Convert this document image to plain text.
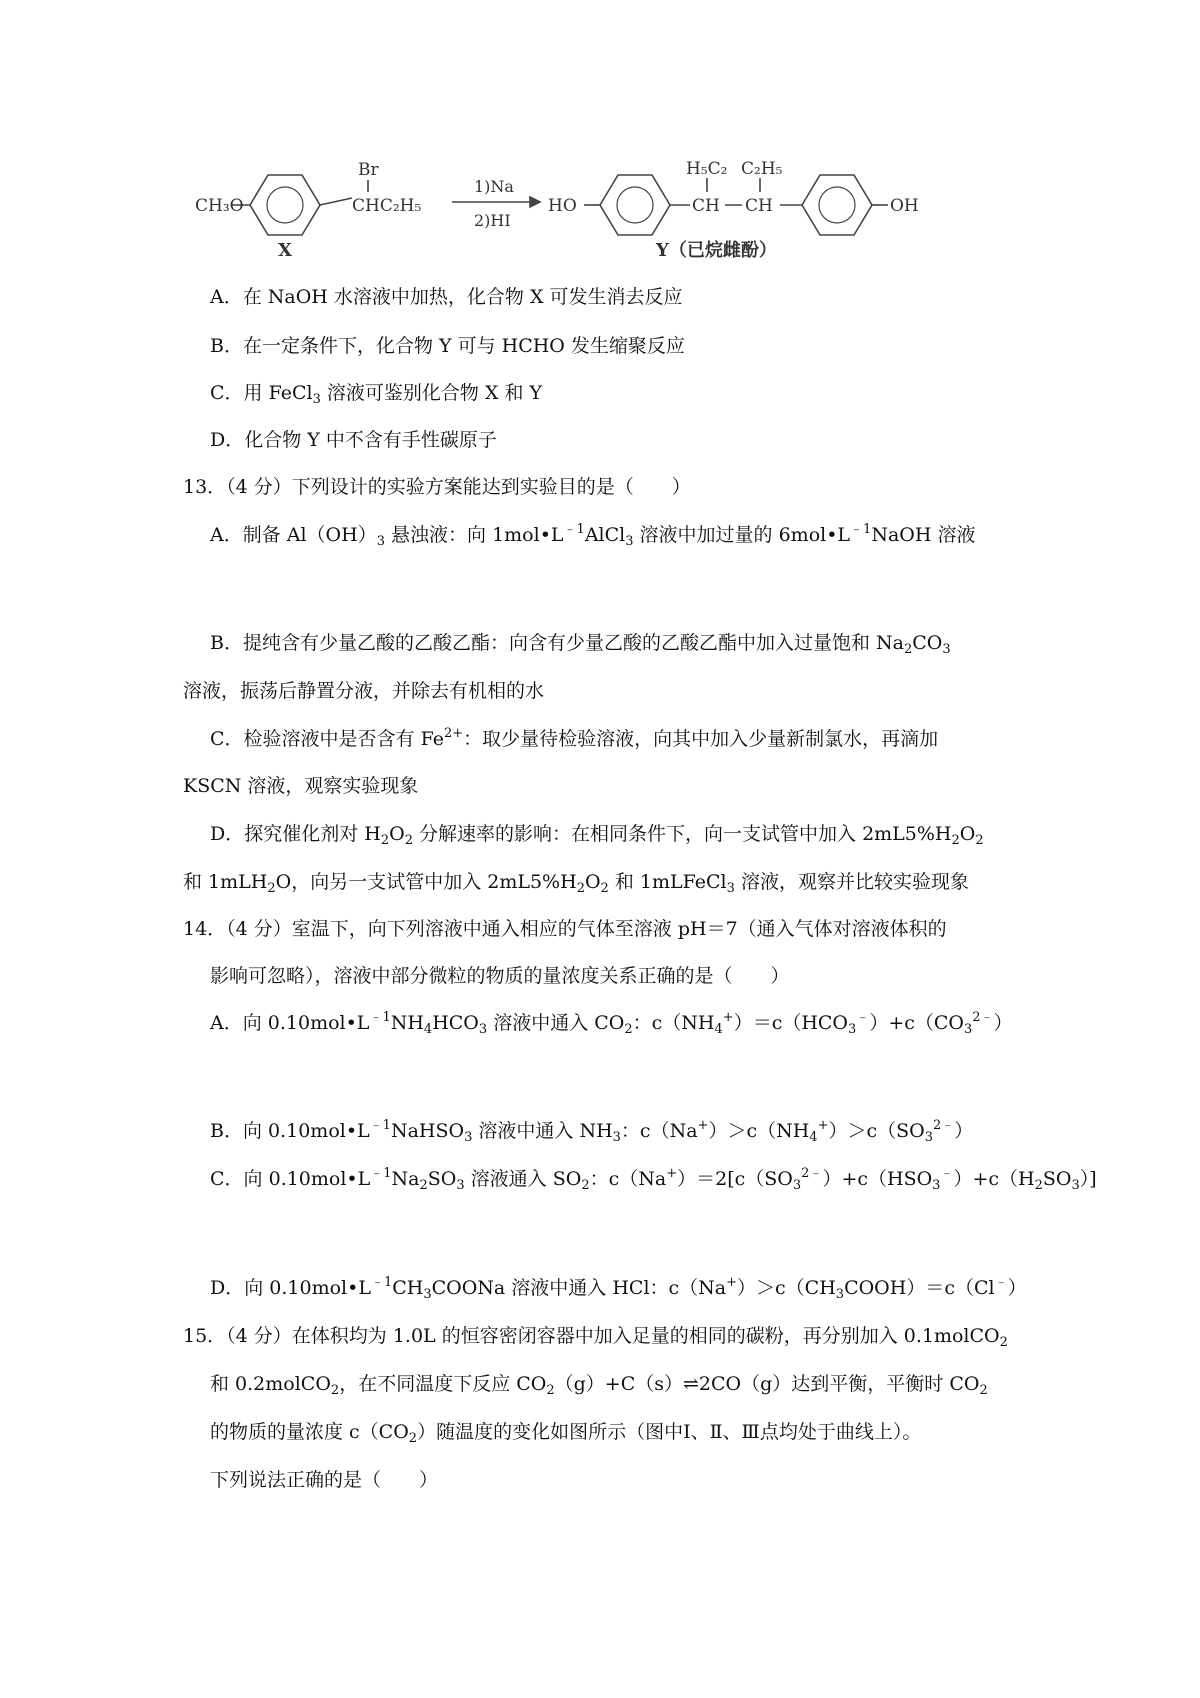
CH₃O
Br
CHC₂H₅
1)Na
2)HI
HO
H₅C₂ C₂H₅
CH CH	OH
X	Y（已烷雌酚）
A．在 NaOH 水溶液中加热，化合物 X 可发生消去反应
B．在一定条件下，化合物 Y 可与 HCHO 发生缩聚反应
C．用 FeCl$_3$ 溶液可鉴别化合物 X 和 Y
D．化合物 Y 中不含有手性碳原子
13．（4 分）下列设计的实验方案能达到实验目的是（　　）
A．制备 $Al(OH)_3$ 悬浊液：向 $1mol•L^{﹣1}AlCl_3$ 溶液中加过量的 $6mol•L^{﹣1}NaOH$ 溶液
B．提纯含有少量乙酸的乙酸乙酯：向含有少量乙酸的乙酸乙酯中加入过量饱和 $Na_2CO_3$
溶液，振荡后静置分液，并除去有机相的水
C．检验溶液中是否含有 $Fe^{2+}$：取少量待检验溶液，向其中加入少量新制氯水，再滴加
KSCN 溶液，观察实验现象
D．探究催化剂对 $H_2O_2$ 分解速率的影响：在相同条件下，向一支试管中加入 $2mL5\%H_2O_2$
和 1mLH$_2$O，向另一支试管中加入 $2mL5\%H_2O_2$ 和 1mLFeCl$_3$ 溶液，观察并比较实验现象
14．（4 分）室温下，向下列溶液中通入相应的气体至溶液 pH＝7（通入气体对溶液体积的
影响可忽略），溶液中部分微粒的物质的量浓度关系正确的是（　　）
A．向 $0.10mol•L^{﹣1}NH_4HCO_3$ 溶液中通入 $CO_2$：$c(NH_4^+)=c(HCO_3^﹣)+c(CO_3^{2﹣})$
B．向 $0.10mol•L^{﹣1}NaHSO_3$ 溶液中通入 $NH_3$：$c(Na^+)>c(NH_4^+)>c(SO_3^{2﹣})$
C．向 $0.10mol•L^{﹣1}Na_2SO_3$ 溶液通入 $SO_2$：$c(Na^+)=2[c(SO_3^{2﹣})+c(HSO_3^﹣)+c(H_2SO_3)]$
D．向 $0.10mol•L^{﹣1}CH_3COONa$ 溶液中通入 HCl：$c(Na^+)>c(CH_3COOH)=c(Cl^﹣)$
15．（4 分）在体积均为 1.0L 的恒容密闭容器中加入足量的相同的碳粉，再分别加入 0.1molCO$_2$
和 0.2molCO$_2$，在不同温度下反应 $CO_2(g)+C(s)\rightleftharpoons 2CO(g)$达到平衡，平衡时 $CO_2$
的物质的量浓度 $c(CO_2)$随温度的变化如图所示（图中Ⅰ、Ⅱ、Ⅲ点均处于曲线上）。
下列说法正确的是（　　）
